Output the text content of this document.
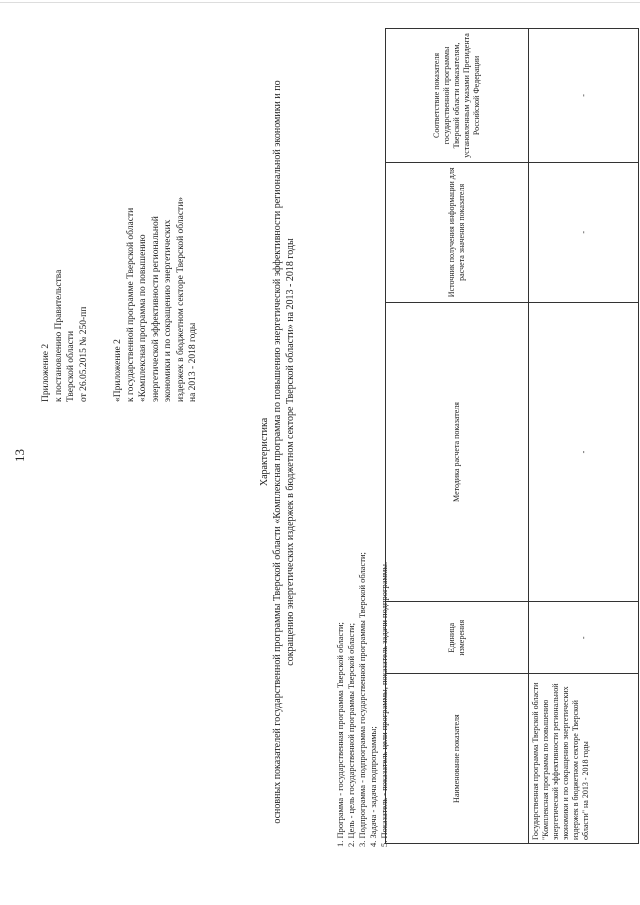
13
Приложение 2 к постановлению Правительства Тверской области от 26.05.2015 № 250-пп	«Приложение 2 к государственной программе Тверской области «Комплексная программа по повышению энергетической эффективности региональной экономики и по сокращению энергетических издержек в бюджетном секторе Тверской области» на 2013 - 2018 годы
Характеристика основных показателей государственной программы Тверской области «Комплексная программа по повышению энергетической эффективности региональной экономики и по сокращению энергетических издержек в бюджетном секторе Тверской области» на 2013 - 2018 годы
1. Программа - государственная программа Тверской области; 2. Цель - цель государственной программы Тверской области; 3. Подпрограмма - подпрограмма государственной программы Тверской области; 4. Задача - задача подпрограммы; 5. Показатель - показатель цели программы, показатель задачи подпрограммы.	Наименование показателя	Единица измерения	Методика расчета показателя	Источник получения информации для расчета значения показателя	Соответствие показателя государственной программы Тверской области показателям, установленным указами Президента Российской Федерации
Государственная программа Тверской области "Комплексная программа по повышению энергетической эффективности региональной экономики и по сокращению энергетических издержек в бюджетном секторе Тверской области" на 2013 - 2018 годы	-	-	-	-
